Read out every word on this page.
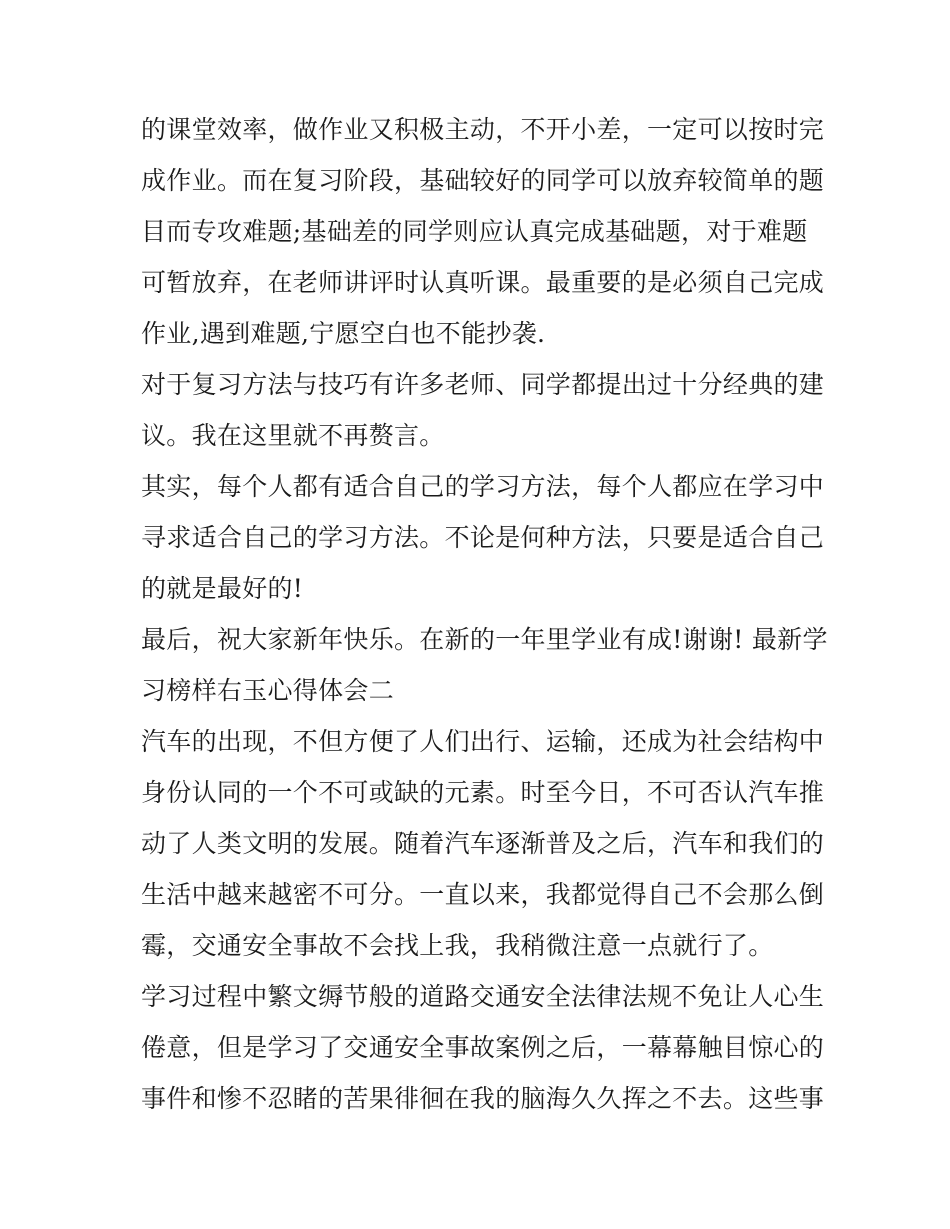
的课堂效率，做作业又积极主动，不开小差，一定可以按时完
成作业。而在复习阶段，基础较好的同学可以放弃较简单的题
目而专攻难题;基础差的同学则应认真完成基础题，对于难题
可暂放弃，在老师讲评时认真听课。最重要的是必须自己完成
作业,遇到难题,宁愿空白也不能抄袭.
对于复习方法与技巧有许多老师、同学都提出过十分经典的建
议。我在这里就不再赘言。
其实，每个人都有适合自己的学习方法，每个人都应在学习中
寻求适合自己的学习方法。不论是何种方法，只要是适合自己
的就是最好的!
最后，祝大家新年快乐。在新的一年里学业有成!谢谢! 最新学
习榜样右玉心得体会二
汽车的出现，不但方便了人们出行、运输，还成为社会结构中
身份认同的一个不可或缺的元素。时至今日，不可否认汽车推
动了人类文明的发展。随着汽车逐渐普及之后，汽车和我们的
生活中越来越密不可分。一直以来，我都觉得自己不会那么倒
霉，交通安全事故不会找上我，我稍微注意一点就行了。
学习过程中繁文缛节般的道路交通安全法律法规不免让人心生
倦意，但是学习了交通安全事故案例之后，一幕幕触目惊心的
事件和惨不忍睹的苦果徘徊在我的脑海久久挥之不去。这些事
